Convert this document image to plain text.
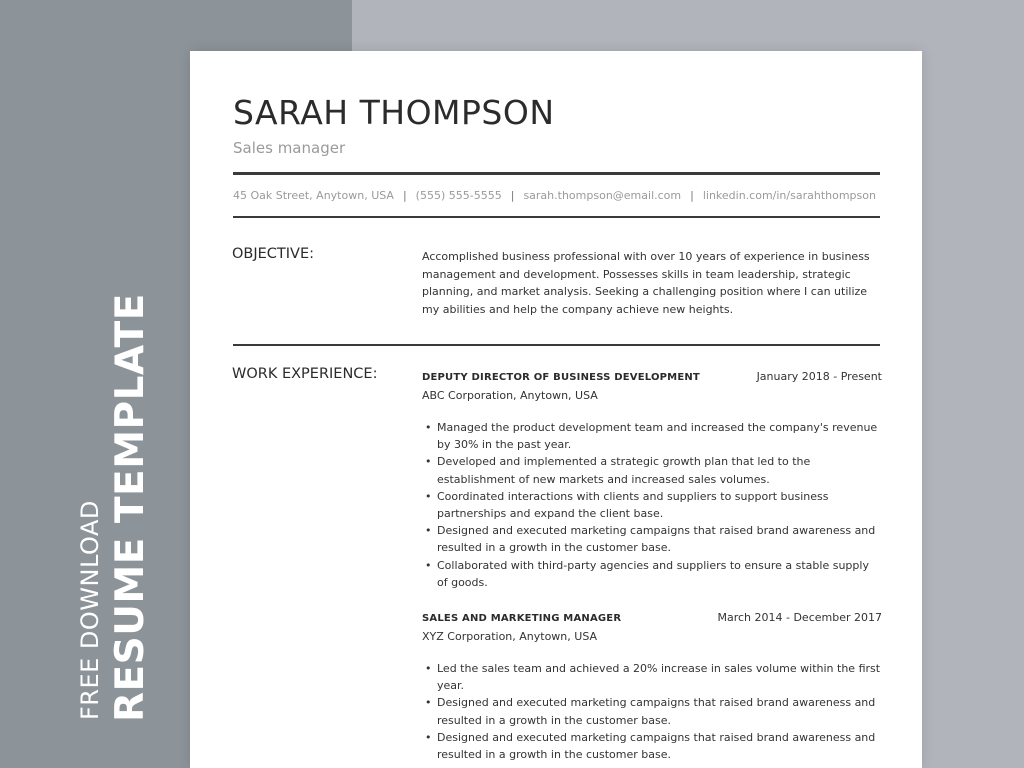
FREE DOWNLOAD RESUME TEMPLATE
SARAH THOMPSON
Sales manager
45 Oak Street, Anytown, USA | (555) 555-5555 | sarah.thompson@email.com | linkedin.com/in/sarahthompson
OBJECTIVE:	Accomplished business professional with over 10 years of experience in business management and development. Possesses skills in team leadership, strategic planning, and market analysis. Seeking a challenging position where I can utilize my abilities and help the company achieve new heights.
WORK EXPERIENCE:	DEPUTY DIRECTOR OF BUSINESS DEVELOPMENT	January 2018 - Present
ABC Corporation, Anytown, USA
• Managed the product development team and increased the company's revenue by 30% in the past year.
• Developed and implemented a strategic growth plan that led to the establishment of new markets and increased sales volumes.
• Coordinated interactions with clients and suppliers to support business partnerships and expand the client base.
• Designed and executed marketing campaigns that raised brand awareness and resulted in a growth in the customer base.
• Collaborated with third-party agencies and suppliers to ensure a stable supply of goods.
SALES AND MARKETING MANAGER	March 2014 - December 2017
XYZ Corporation, Anytown, USA
• Led the sales team and achieved a 20% increase in sales volume within the first year.
• Designed and executed marketing campaigns that raised brand awareness and resulted in a growth in the customer base.
• Designed and executed marketing campaigns that raised brand awareness and resulted in a growth in the customer base.
